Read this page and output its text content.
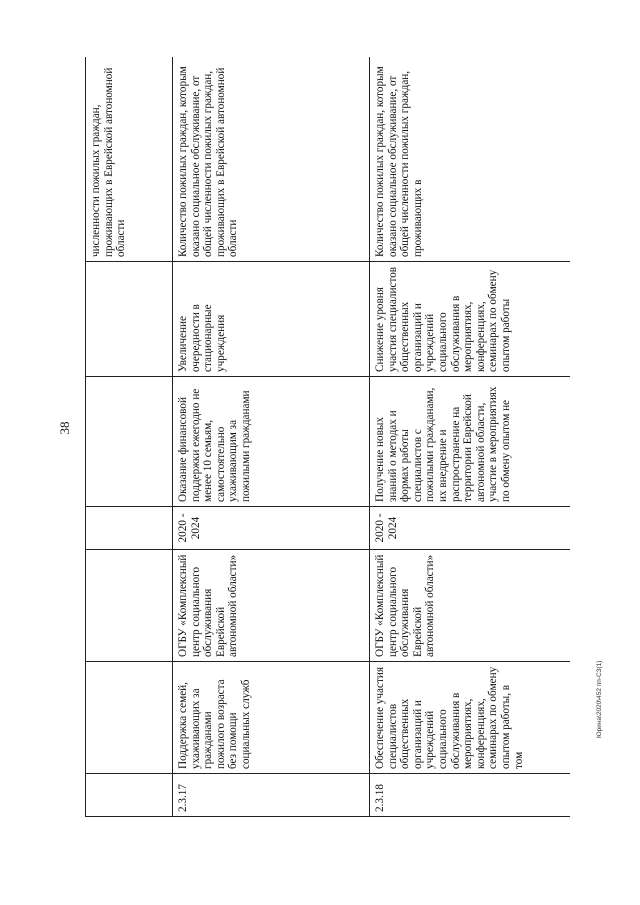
38
						численности пожилых граждан, проживающих в Еврейской автономной области
2.3.17	Поддержка семей, ухаживающих за гражданами пожилого возраста без помощи социальных служб	ОГБУ «Комплексный центр социального обслуживания Еврейской автономной области»	2020 - 2024	Оказание финансовой поддержки ежегодно не менее 10 семьям, самостоятельно ухаживающим за пожилыми гражданами	Увеличение очередности в стационарные учреждения	Количество пожилых граждан, которым оказано социальное обслуживание, от общей численности пожилых граждан, проживающих в Еврейской автономной области
2.3.18	Обеспечение участия специалистов общественных организаций и учреждений социального обслуживания в мероприятиях, конференциях, семинарах по обмену опытом работы, в том	ОГБУ «Комплексный центр социального обслуживания Еврейской автономной области»	2020 - 2024	Получение новых знаний о методах и формах работы специалистов с пожилыми гражданами, их внедрение и распространение на территории Еврейской автономной области, участие в мероприятиях по обмену опытом не	Снижение уровня участия специалистов общественных организаций и учреждений социального обслуживания в мероприятиях, конференциях, семинарах по обмену опытом работы	Количество пожилых граждан, которым оказано социальное обслуживание, от общей численности пожилых граждан, проживающих в
Юрина\2020\452 пп-СЗ(1)
